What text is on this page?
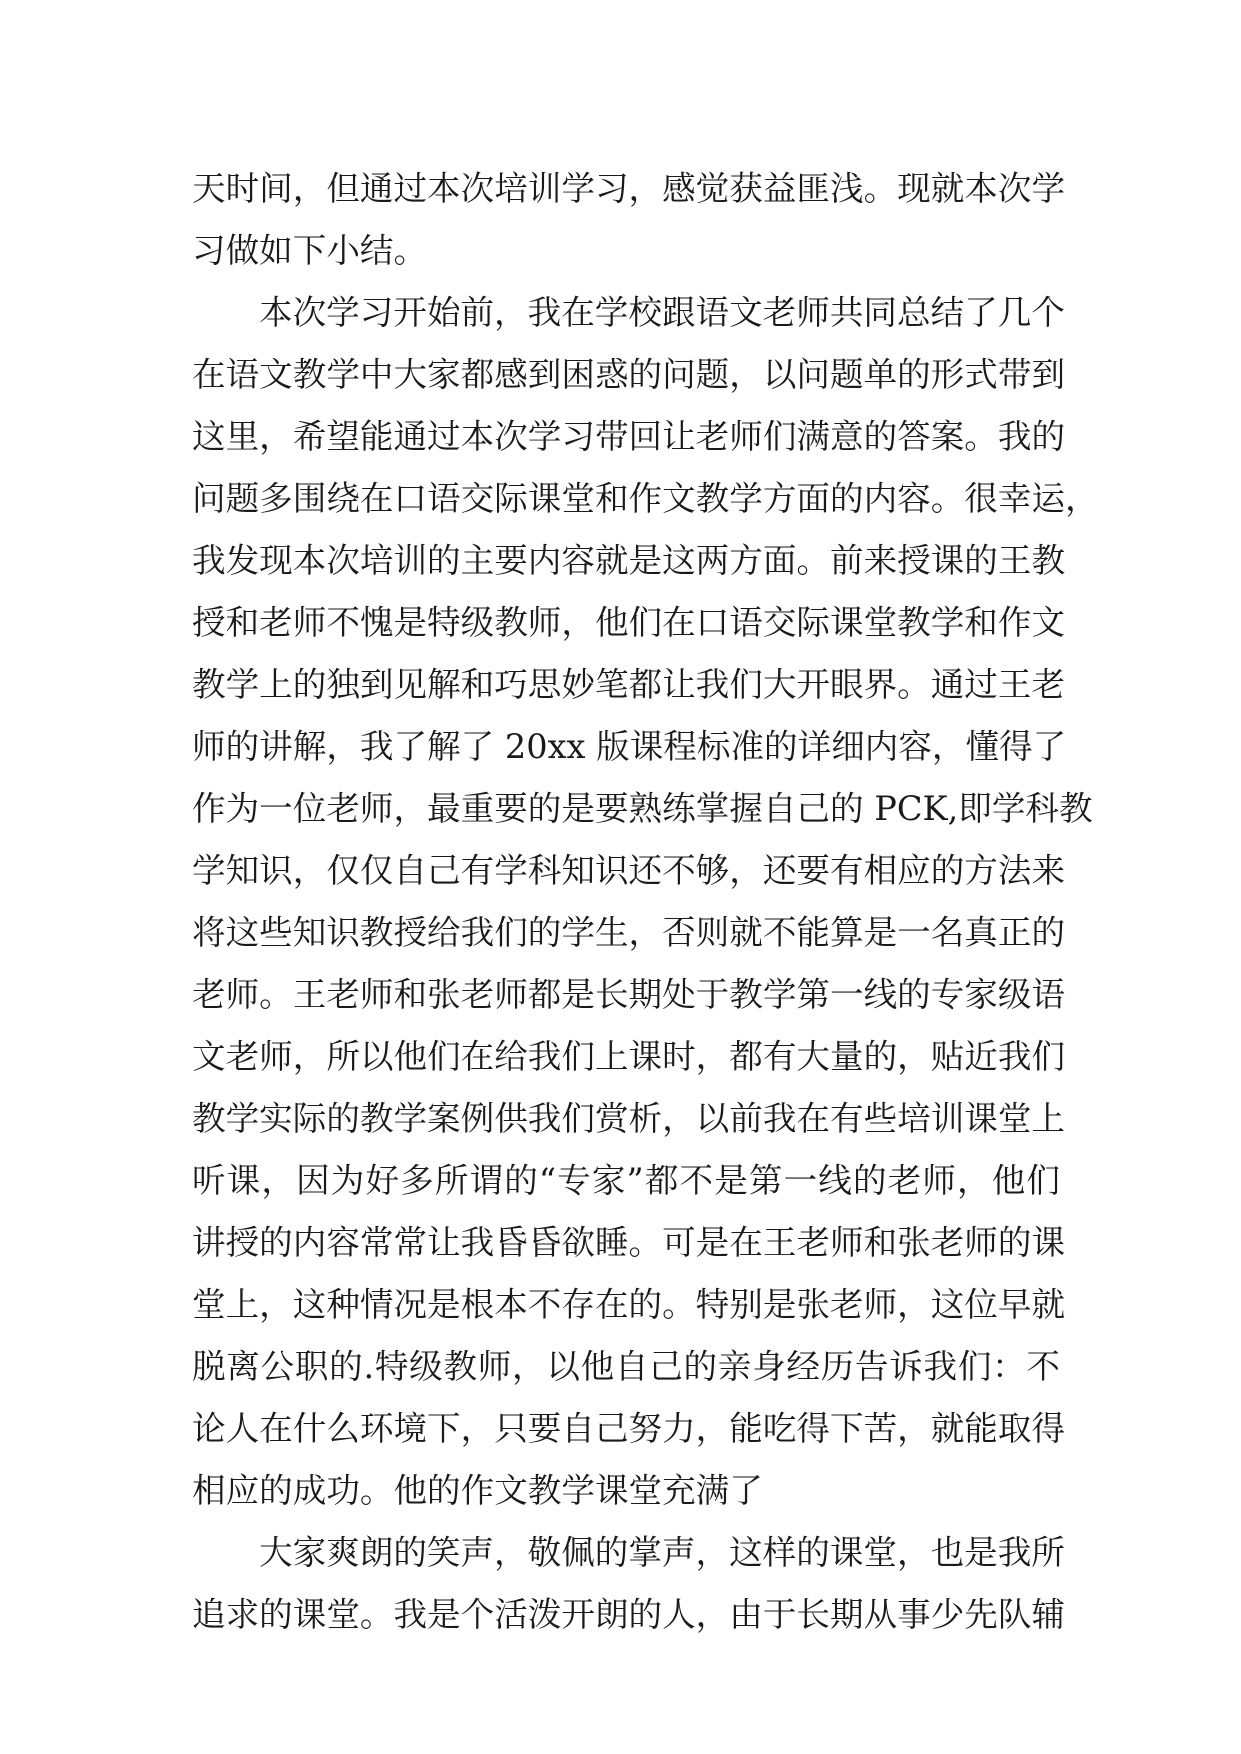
天时间，但通过本次培训学习，感觉获益匪浅。现就本次学
习做如下小结。
本次学习开始前，我在学校跟语文老师共同总结了几个
在语文教学中大家都感到困惑的问题，以问题单的形式带到
这里，希望能通过本次学习带回让老师们满意的答案。我的
问题多围绕在口语交际课堂和作文教学方面的内容。很幸运，
我发现本次培训的主要内容就是这两方面。前来授课的王教
授和老师不愧是特级教师，他们在口语交际课堂教学和作文
教学上的独到见解和巧思妙笔都让我们大开眼界。通过王老
师的讲解，我了解了 20xx 版课程标准的详细内容，懂得了
作为一位老师，最重要的是要熟练掌握自己的 PCK,即学科教
学知识，仅仅自己有学科知识还不够，还要有相应的方法来
将这些知识教授给我们的学生，否则就不能算是一名真正的
老师。王老师和张老师都是长期处于教学第一线的专家级语
文老师，所以他们在给我们上课时，都有大量的，贴近我们
教学实际的教学案例供我们赏析，以前我在有些培训课堂上
听课，因为好多所谓的“专家”都不是第一线的老师，他们
讲授的内容常常让我昏昏欲睡。可是在王老师和张老师的课
堂上，这种情况是根本不存在的。特别是张老师，这位早就
脱离公职的.特级教师，以他自己的亲身经历告诉我们：不
论人在什么环境下，只要自己努力，能吃得下苦，就能取得
相应的成功。他的作文教学课堂充满了
大家爽朗的笑声，敬佩的掌声，这样的课堂，也是我所
追求的课堂。我是个活泼开朗的人，由于长期从事少先队辅
